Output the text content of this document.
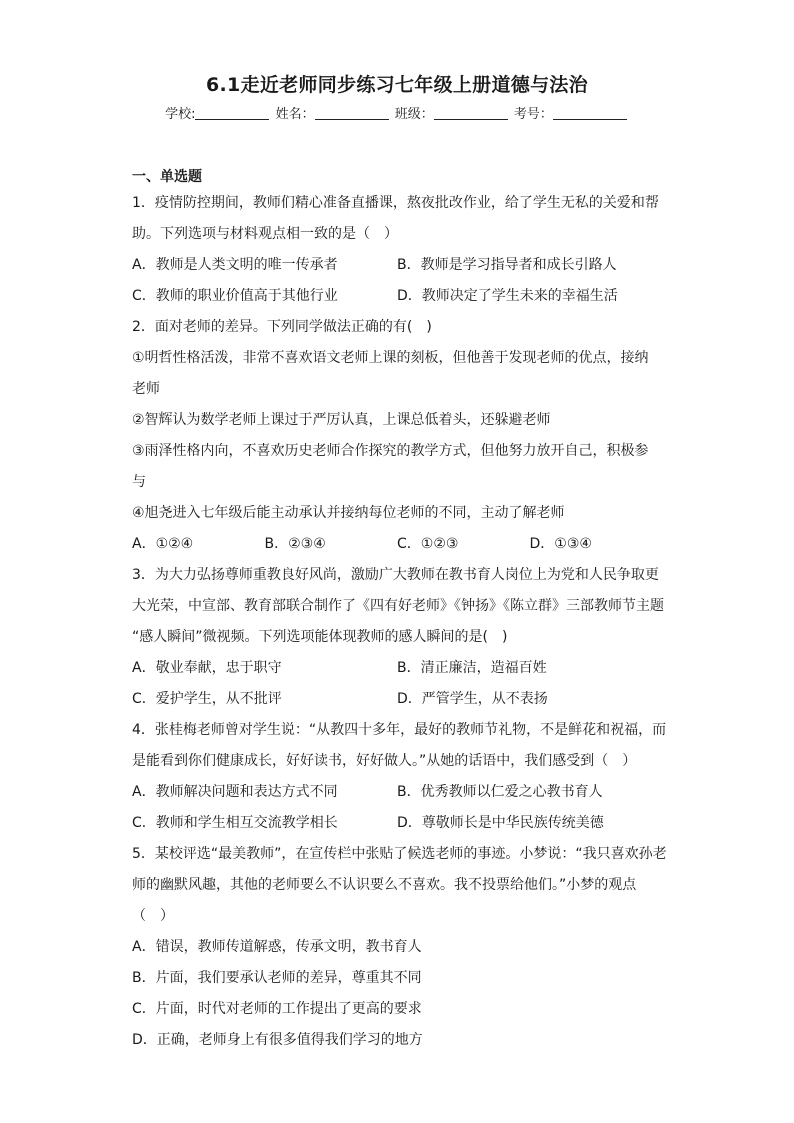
6.1走近老师同步练习七年级上册道德与法治
学校:	姓名：	班级：	考号：
一、单选题
1．疫情防控期间，教师们精心准备直播课，熬夜批改作业，给了学生无私的关爱和帮
助。下列选项与材料观点相一致的是（　）
A．教师是人类文明的唯一传承者	B．教师是学习指导者和成长引路人
C．教师的职业价值高于其他行业	D．教师决定了学生未来的幸福生活
2．面对老师的差异。下列同学做法正确的有(　)
①明哲性格活泼，非常不喜欢语文老师上课的刻板，但他善于发现老师的优点，接纳
老师
②智辉认为数学老师上课过于严厉认真，上课总低着头，还躲避老师
③雨泽性格内向，不喜欢历史老师合作探究的教学方式，但他努力放开自己，积极参
与
④旭尧进入七年级后能主动承认并接纳每位老师的不同，主动了解老师
A．①②④	B．②③④	C．①②③	D．①③④
3．为大力弘扬尊师重教良好风尚，激励广大教师在教书育人岗位上为党和人民争取更
大光荣，中宣部、教育部联合制作了《四有好老师》《钟扬》《陈立群》三部教师节主题
“感人瞬间”微视频。下列选项能体现教师的感人瞬间的是(　)
A．敬业奉献，忠于职守	B．清正廉洁，造福百姓
C．爱护学生，从不批评	D．严管学生，从不表扬
4．张桂梅老师曾对学生说：“从教四十多年，最好的教师节礼物，不是鲜花和祝福，而
是能看到你们健康成长，好好读书，好好做人。”从她的话语中，我们感受到（　）
A．教师解决问题和表达方式不同	B．优秀教师以仁爱之心教书育人
C．教师和学生相互交流教学相长	D．尊敬师长是中华民族传统美德
5．某校评选“最美教师”，在宣传栏中张贴了候选老师的事迹。小梦说：“我只喜欢孙老
师的幽默风趣，其他的老师要么不认识要么不喜欢。我不投票给他们。”小梦的观点
（　）
A．错误，教师传道解惑，传承文明，教书育人
B．片面，我们要承认老师的差异，尊重其不同
C．片面，时代对老师的工作提出了更高的要求
D．正确，老师身上有很多值得我们学习的地方
